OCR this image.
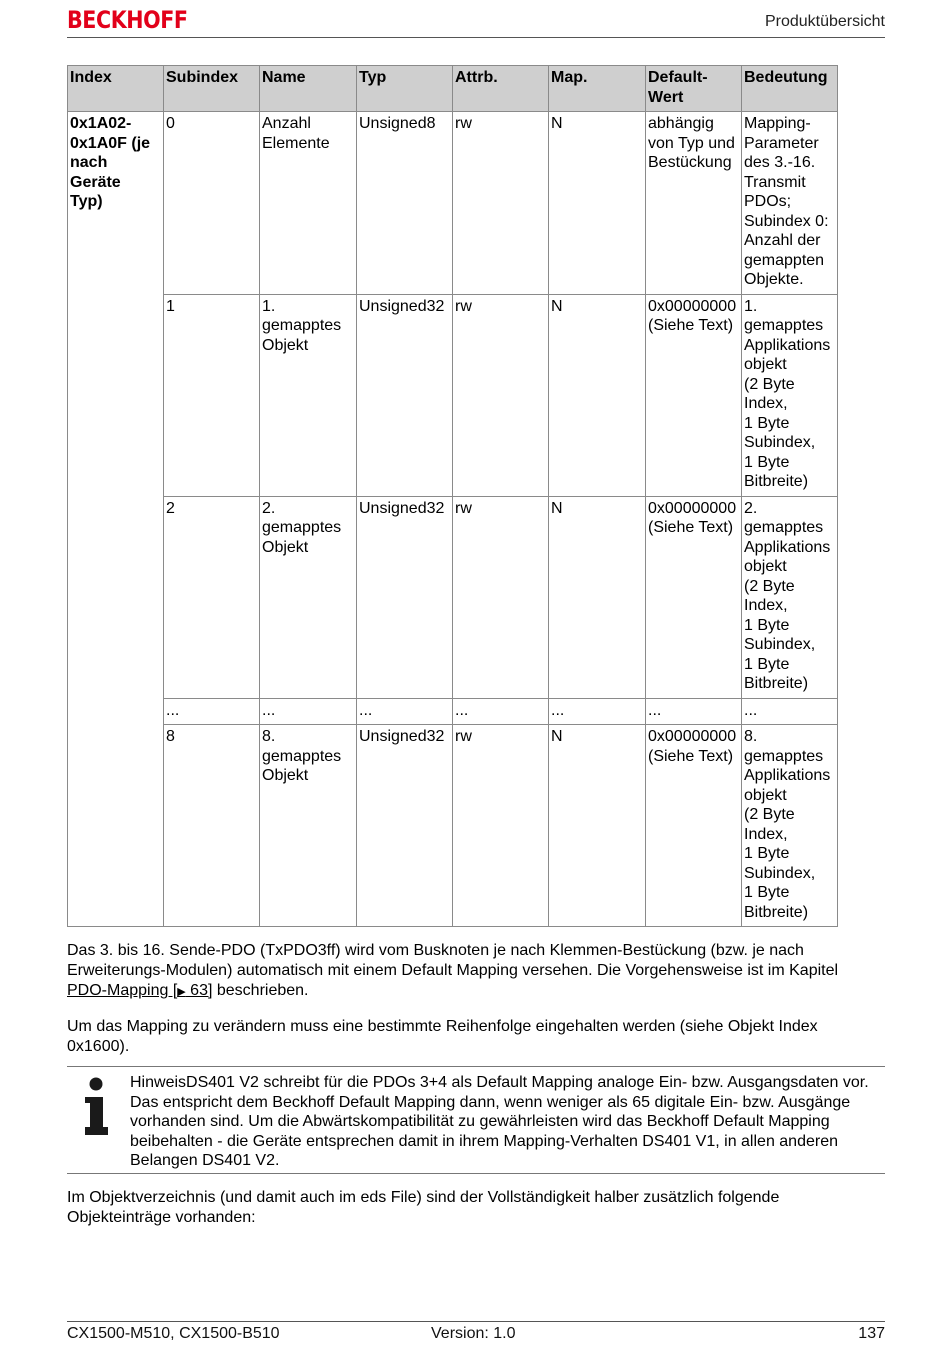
BECKHOFF	Produktübersicht
Index	Subindex	Name	Typ	Attrb.	Map.	Default-
Wert	Bedeutung
0x1A02-
0x1A0F (je
nach
Geräte
Typ)	0	Anzahl Elemente	Unsigned8	rw	N	abhängig von Typ und Bestückung	Mapping-Parameter des 3.-16. Transmit PDOs;
Subindex 0: Anzahl der gemappten Objekte.
	1	1. gemapptes Objekt	Unsigned32	rw	N	0x00000000 (Siehe Text)	1. gemapptes Applikationsobjekt
(2 Byte Index,
1 Byte Subindex,
1 Byte Bitbreite)
	2	2. gemapptes Objekt	Unsigned32	rw	N	0x00000000 (Siehe Text)	2. gemapptes Applikationsobjekt
(2 Byte Index,
1 Byte Subindex,
1 Byte Bitbreite)
	...	...	...	...	...	...	...
	8	8. gemapptes Objekt	Unsigned32	rw	N	0x00000000(Siehe Text)	8. gemapptes Applikationsobjekt
(2 Byte Index,
1 Byte Subindex,
1 Byte Bitbreite)
Das 3. bis 16. Sende-PDO (TxPDO3ff) wird vom Busknoten je nach Klemmen-Bestückung (bzw. je nach Erweiterungs-Modulen) automatisch mit einem Default Mapping versehen. Die Vorgehensweise ist im Kapitel PDO-Mapping [▶ 63] beschrieben.
Um das Mapping zu verändern muss eine bestimmte Reihenfolge eingehalten werden (siehe Objekt Index 0x1600).
HinweisDS401 V2 schreibt für die PDOs 3+4 als Default Mapping analoge Ein- bzw. Ausgangsdaten vor. Das entspricht dem Beckhoff Default Mapping dann, wenn weniger als 65 digitale Ein- bzw. Ausgänge vorhanden sind. Um die Abwärtskompatibilität zu gewährleisten wird das Beckhoff Default Mapping beibehalten - die Geräte entsprechen damit in ihrem Mapping-Verhalten DS401 V1, in allen anderen Belangen DS401 V2.
Im Objektverzeichnis (und damit auch im eds File) sind der Vollständigkeit halber zusätzlich folgende Objekteinträge vorhanden:
CX1500-M510, CX1500-B510	Version: 1.0	137
